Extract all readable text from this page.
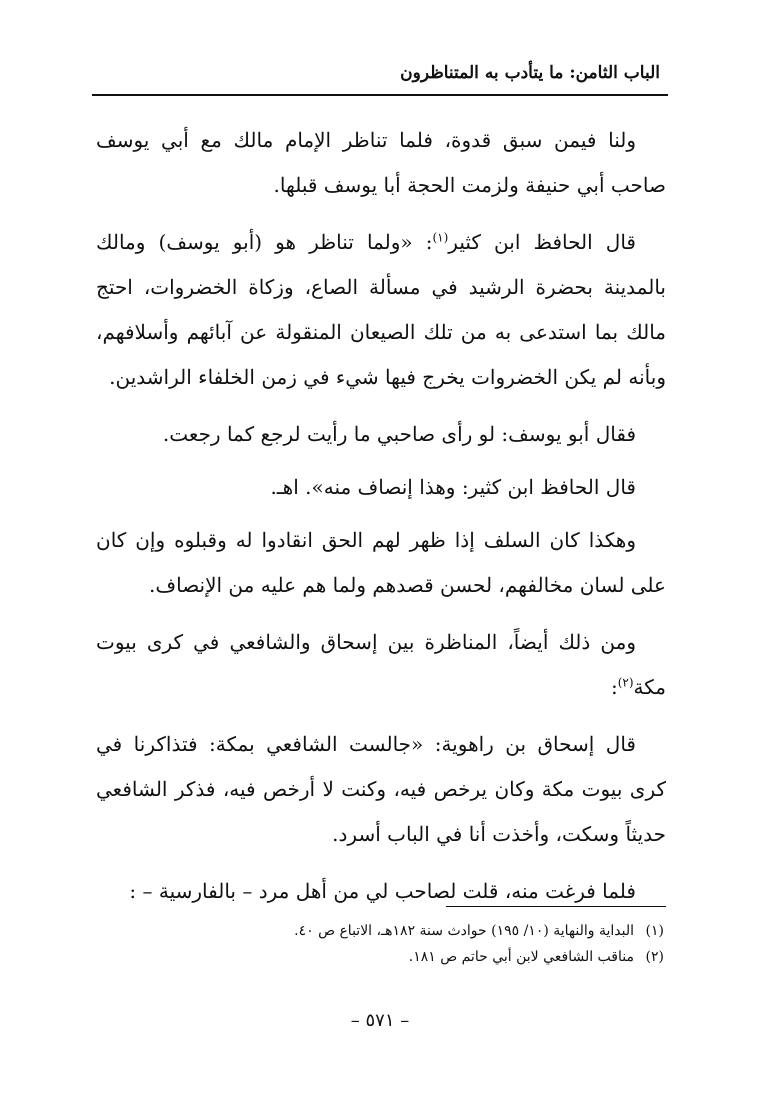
الباب الثامن: ما يتأدب به المتناظرون

ولنا فيمن سبق قدوة، فلما تناظر الإمام مالك مع أبي يوسف صاحب أبي حنيفة ولزمت الحجة أبا يوسف قبلها.

قال الحافظ ابن كثير$^{(١)}$: «ولما تناظر هو (أبو يوسف) ومالك بالمدينة بحضرة الرشيد في مسألة الصاع، وزكاة الخضروات، احتج مالك بما استدعى به من تلك الصيعان المنقولة عن آبائهم وأسلافهم، وبأنه لم يكن الخضروات يخرج فيها شيء في زمن الخلفاء الراشدين.

فقال أبو يوسف: لو رأى صاحبي ما رأيت لرجع كما رجعت.

قال الحافظ ابن كثير: وهذا إنصاف منه». اهـ.

وهكذا كان السلف إذا ظهر لهم الحق انقادوا له وقبلوه وإن كان على لسان مخالفهم، لحسن قصدهم ولما هم عليه من الإنصاف.

ومن ذلك أيضاً، المناظرة بين إسحاق والشافعي في كرى بيوت مكة$^{(٢)}$:

قال إسحاق بن راهوية: «جالست الشافعي بمكة: فتذاكرنا في كرى بيوت مكة وكان يرخص فيه، وكنت لا أرخص فيه، فذكر الشافعي حديثاً وسكت، وأخذت أنا في الباب أسرد.

فلما فرغت منه، قلت لصاحب لي من أهل مرد – بالفارسية – :

(١)البداية والنهاية (١٠/ ١٩٥) حوادث سنة ١٨٢هـ، الاتباع ص ٤٠.

(٢)مناقب الشافعي لابن أبي حاتم ص ١٨١.

– ٥٧١ –
